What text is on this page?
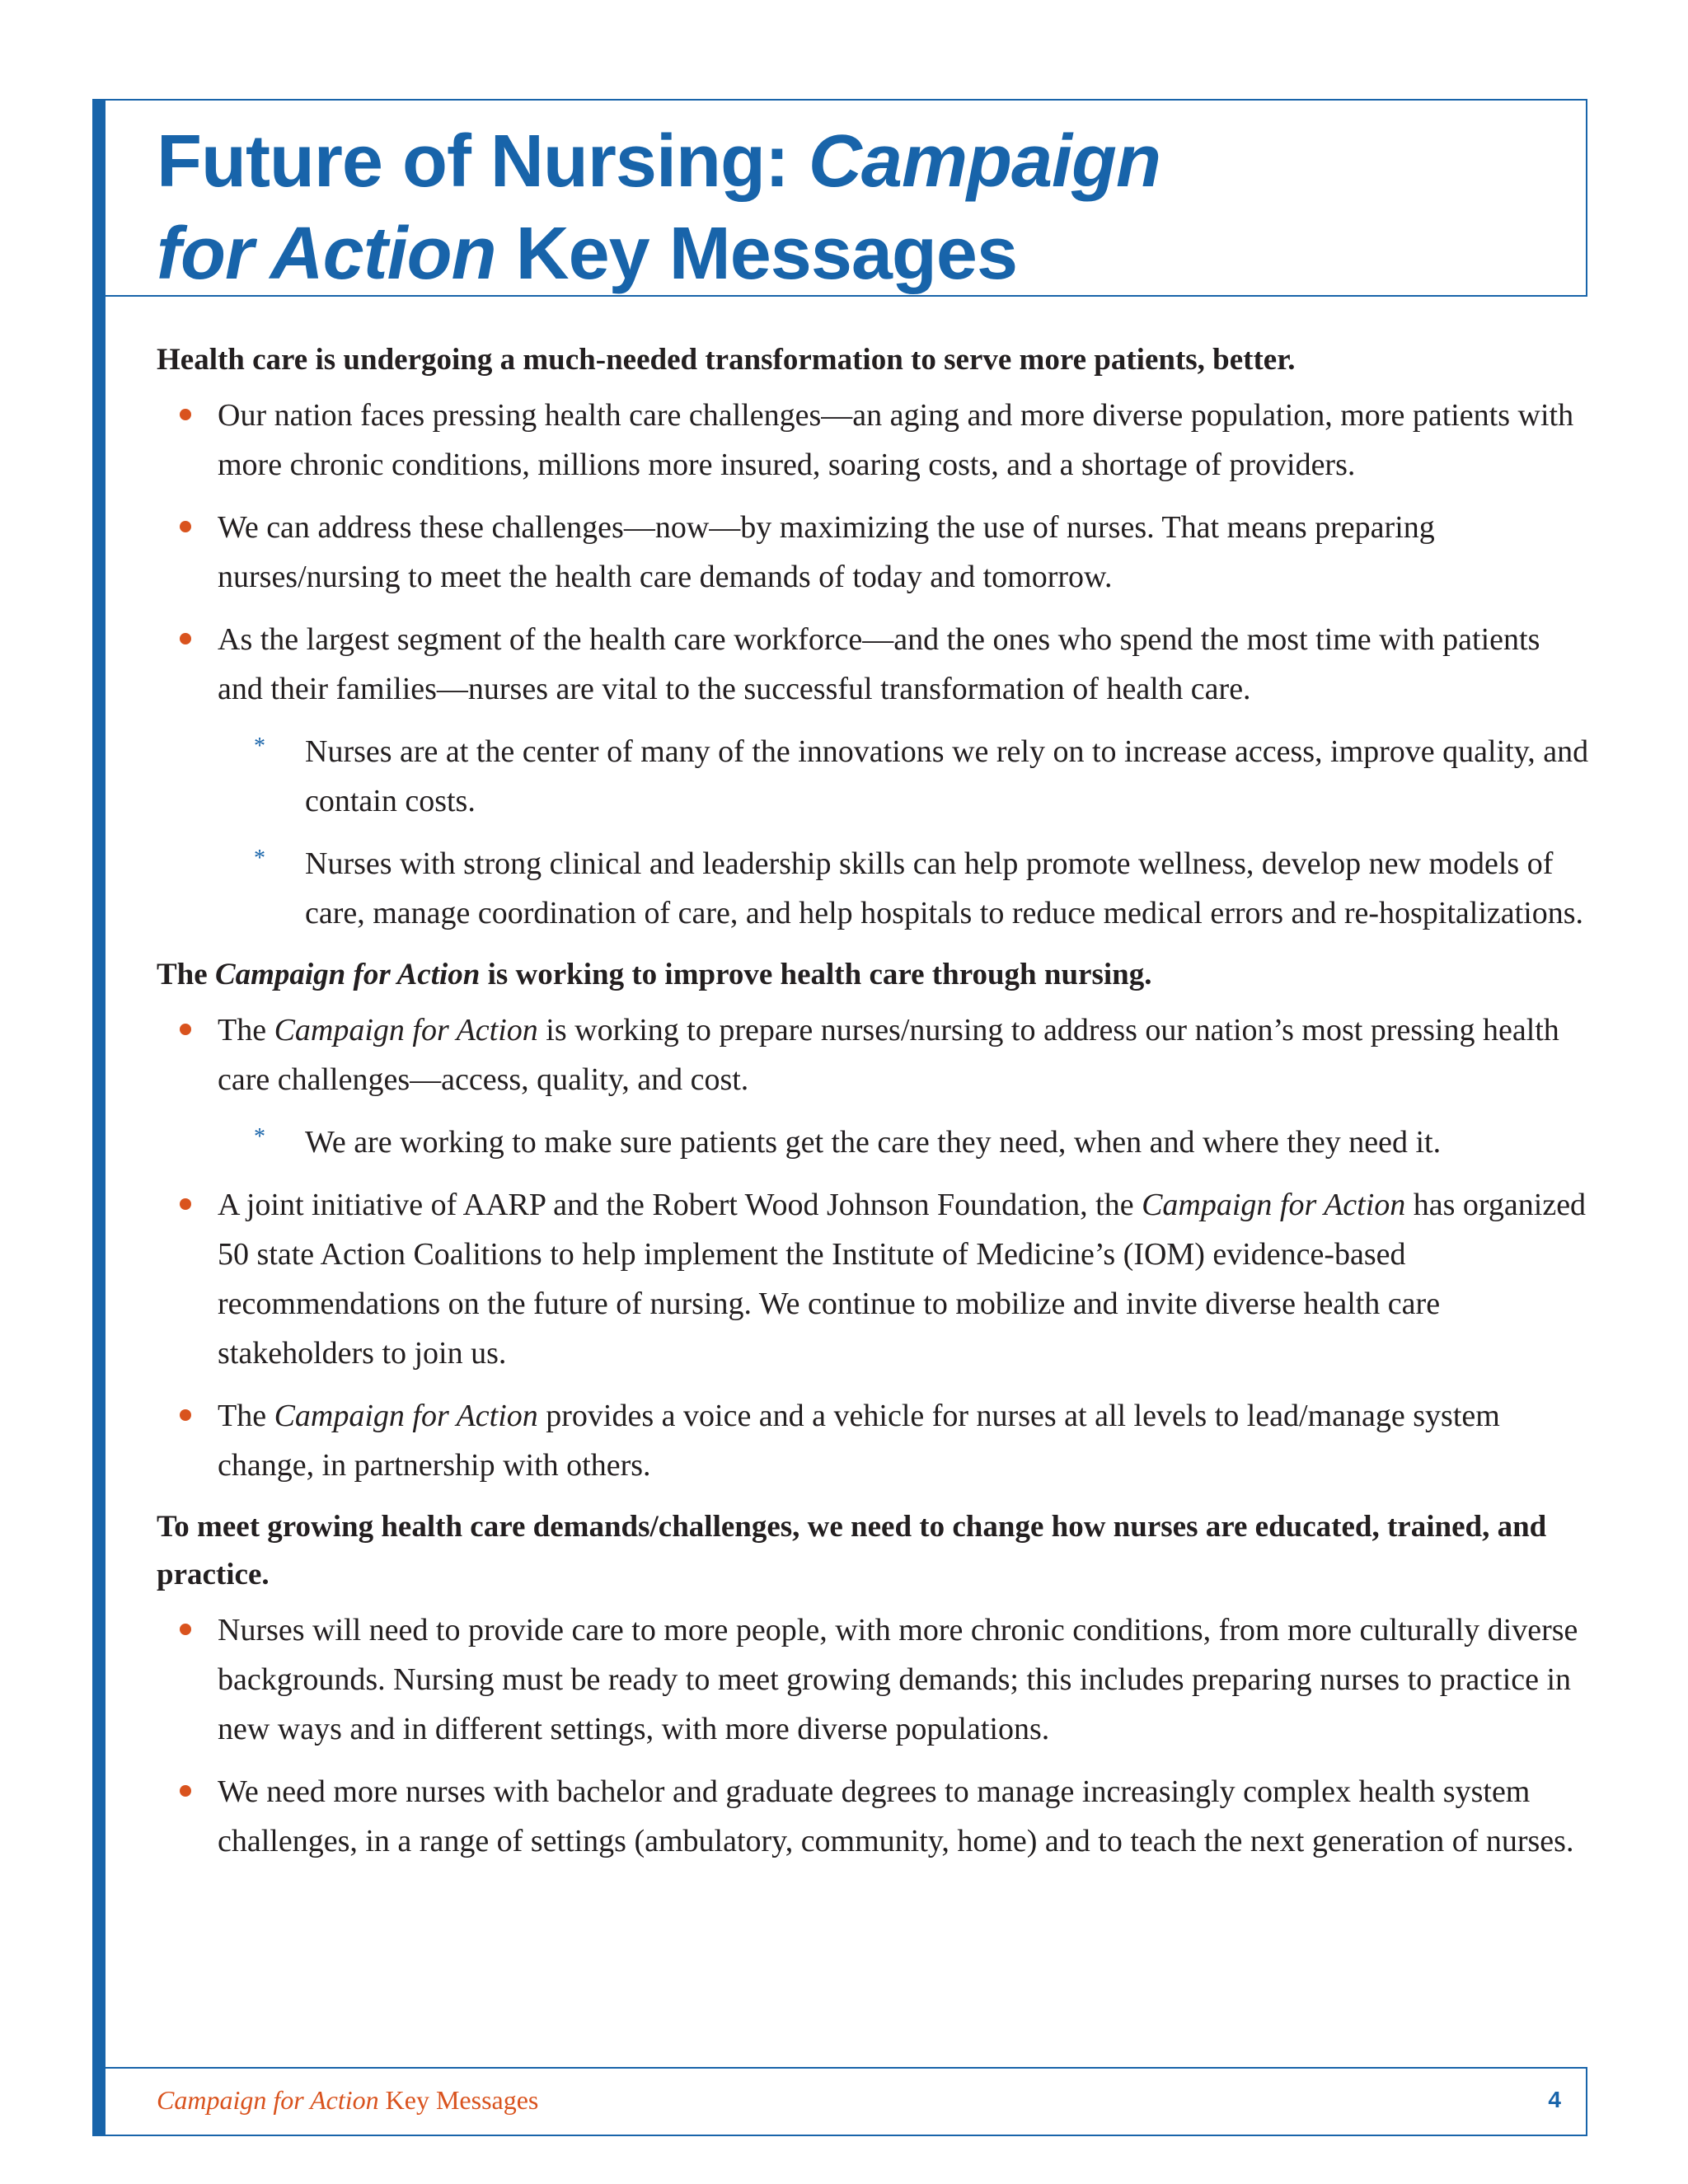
Future of Nursing: Campaign
for Action Key Messages

Health care is undergoing a much-needed transformation to serve more patients, better.

Our nation faces pressing health care challenges—an aging and more diverse population, more patients with more chronic conditions, millions more insured, soaring costs, and a shortage of providers.
We can address these challenges—now—by maximizing the use of nurses. That means preparing nurses/nursing to meet the health care demands of today and tomorrow.
As the largest segment of the health care workforce—and the ones who spend the most time with patients and their families—nurses are vital to the successful transformation of health care.
* Nurses are at the center of many of the innovations we rely on to increase access, improve quality, and contain costs.
* Nurses with strong clinical and leadership skills can help promote wellness, develop new models of care, manage coordination of care, and help hospitals to reduce medical errors and re-hospitalizations.

The Campaign for Action is working to improve health care through nursing.

The Campaign for Action is working to prepare nurses/nursing to address our nation’s most pressing health care challenges—access, quality, and cost.
* We are working to make sure patients get the care they need, when and where they need it.
A joint initiative of AARP and the Robert Wood Johnson Foundation, the Campaign for Action has organized 50 state Action Coalitions to help implement the Institute of Medicine’s (IOM) evidence-based recommendations on the future of nursing. We continue to mobilize and invite diverse health care stakeholders to join us.
The Campaign for Action provides a voice and a vehicle for nurses at all levels to lead/manage system change, in partnership with others.

To meet growing health care demands/challenges, we need to change how nurses are educated, trained, and practice.

Nurses will need to provide care to more people, with more chronic conditions, from more culturally diverse backgrounds. Nursing must be ready to meet growing demands; this includes preparing nurses to practice in new ways and in different settings, with more diverse populations.
We need more nurses with bachelor and graduate degrees to manage increasingly complex health system challenges, in a range of settings (ambulatory, community, home) and to teach the next generation of nurses.
Campaign for Action Key Messages	4
